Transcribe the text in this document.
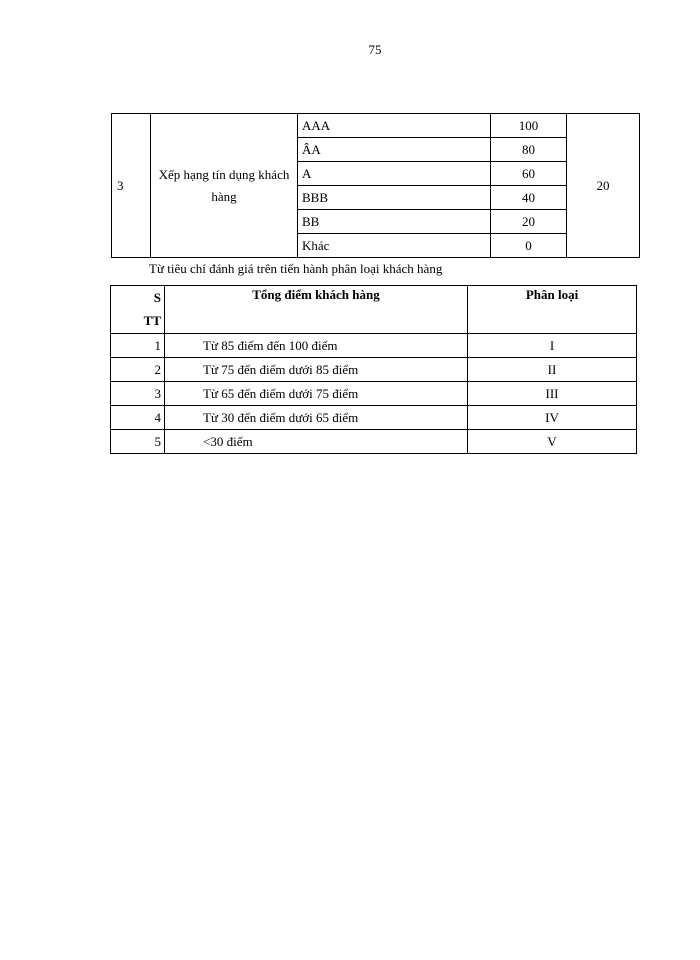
75
3	Xếp hạng tín dụng khách hàng	AAA	100	20
		ÂA	80	
		A	60	
		BBB	40	
		BB	20	
		Khác	0	
Từ tiêu chí đánh giá trên tiến hành phân loại khách hàng
S
TT	Tổng điểm khách hàng	Phân loại
1	Từ 85 điểm đến 100 điểm	I
2	Từ 75 đến điểm dưới 85 điểm	II
3	Từ 65 đến điểm dưới 75 điểm	III
4	Từ 30 đến điểm dưới 65 điểm	IV
5	<30 điểm	V
